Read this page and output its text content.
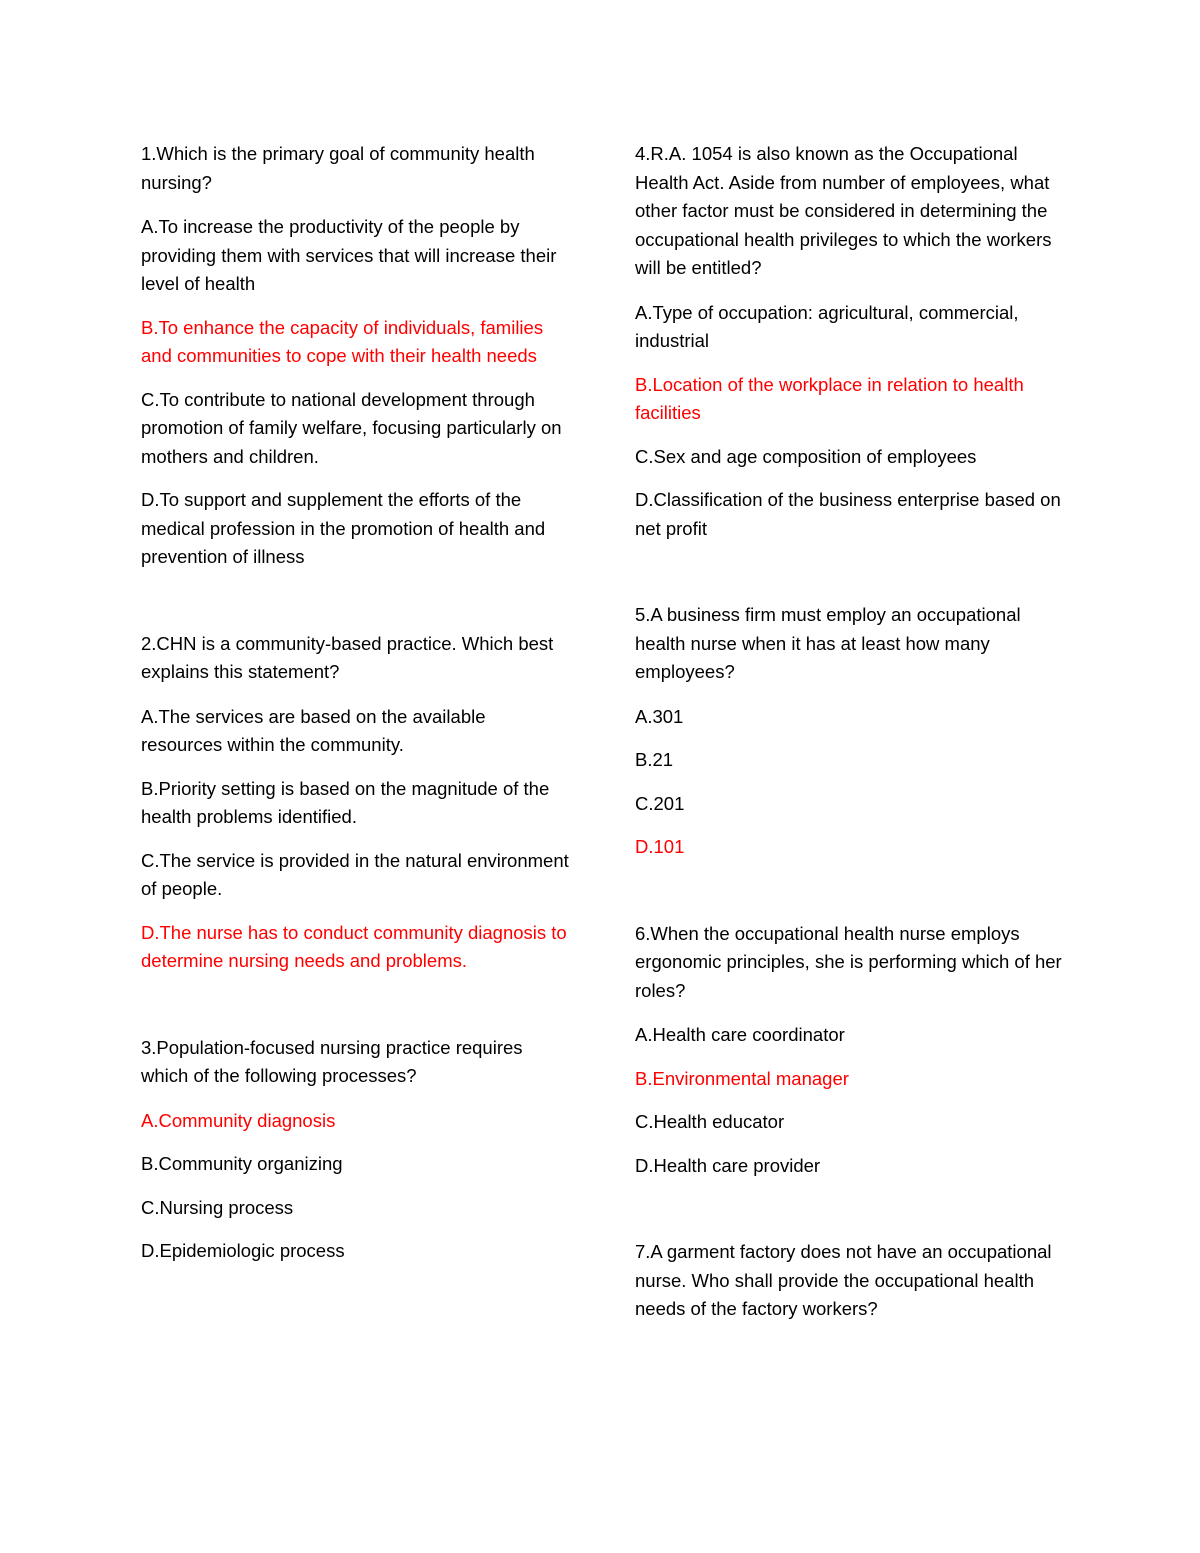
1.Which is the primary goal of community health nursing?

A.To increase the productivity of the people by providing them with services that will increase their level of health

B.To enhance the capacity of individuals, families and communities to cope with their health needs

C.To contribute to national development through promotion of family welfare, focusing particularly on mothers and children.

D.To support and supplement the efforts of the medical profession in the promotion of health and prevention of illness

2.CHN is a community-based practice. Which best explains this statement?

A.The services are based on the available resources within the community.

B.Priority setting is based on the magnitude of the health problems identified.

C.The service is provided in the natural environment of people.

D.The nurse has to conduct community diagnosis to determine nursing needs and problems.

3.Population-focused nursing practice requires which of the following processes?

A.Community diagnosis

B.Community organizing

C.Nursing process

D.Epidemiologic process

4.R.A. 1054 is also known as the Occupational Health Act. Aside from number of employees, what other factor must be considered in determining the occupational health privileges to which the workers will be entitled?

A.Type of occupation: agricultural, commercial, industrial

B.Location of the workplace in relation to health facilities

C.Sex and age composition of employees

D.Classification of the business enterprise based on net profit

5.A business firm must employ an occupational health nurse when it has at least how many employees?

A.301

B.21

C.201

D.101

6.When the occupational health nurse employs ergonomic principles, she is performing which of her roles?

A.Health care coordinator

B.Environmental manager

C.Health educator

D.Health care provider

7.A garment factory does not have an occupational nurse. Who shall provide the occupational health needs of the factory workers?
